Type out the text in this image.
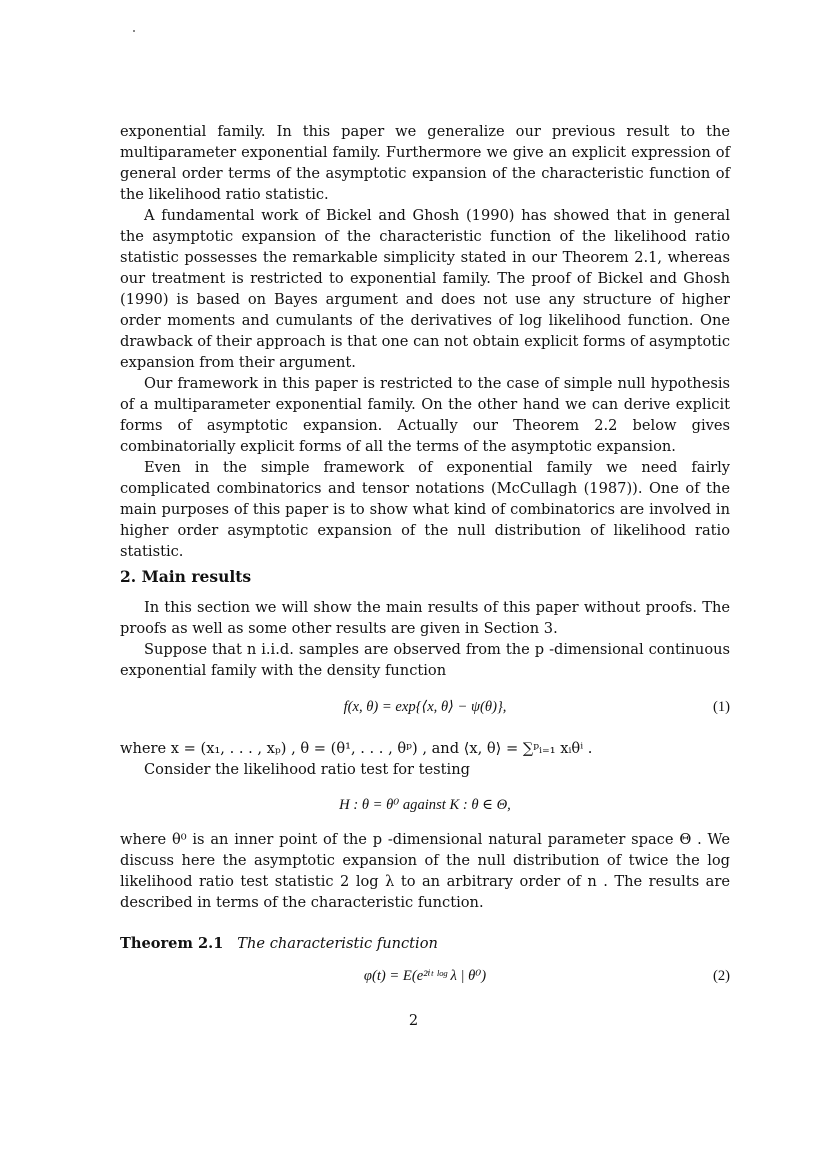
exponential family. In this paper we generalize our previous result to the multiparameter exponential family. Furthermore we give an explicit expression of general order terms of the asymptotic expansion of the characteristic function of the likelihood ratio statistic.

A fundamental work of Bickel and Ghosh (1990) has showed that in general the asymptotic expansion of the characteristic function of the likelihood ratio statistic possesses the remarkable simplicity stated in our Theorem 2.1, whereas our treatment is restricted to exponential family. The proof of Bickel and Ghosh (1990) is based on Bayes argument and does not use any structure of higher order moments and cumulants of the derivatives of log likelihood function. One drawback of their approach is that one can not obtain explicit forms of asymptotic expansion from their argument.

Our framework in this paper is restricted to the case of simple null hypothesis of a multiparameter exponential family. On the other hand we can derive explicit forms of asymptotic expansion. Actually our Theorem 2.2 below gives combinatorially explicit forms of all the terms of the asymptotic expansion.

Even in the simple framework of exponential family we need fairly complicated combinatorics and tensor notations (McCullagh (1987)). One of the main purposes of this paper is to show what kind of combinatorics are involved in higher order asymptotic expansion of the null distribution of likelihood ratio statistic.

2. Main results

In this section we will show the main results of this paper without proofs. The proofs as well as some other results are given in Section 3.

Suppose that n i.i.d. samples are observed from the p -dimensional continuous exponential family with the density function

f(x, θ) = exp{⟨x, θ⟩ − ψ(θ)},	(1)
where x = (x₁, . . . , xₚ) , θ = (θ¹, . . . , θᵖ) , and ⟨x, θ⟩ = ∑ᵖᵢ₌₁ xᵢθⁱ .
Consider the likelihood ratio test for testing
H : θ = θ⁰ against K : θ ∈ Θ,

where θ⁰ is an inner point of the p -dimensional natural parameter space Θ . We discuss here the asymptotic expansion of the null distribution of twice the log likelihood ratio test statistic 2 log λ to an arbitrary order of n . The results are described in terms of the characteristic function.

Theorem 2.1 The characteristic function
φ(t) = E(e²ⁱᵗ ˡᵒᵍ λ | θ⁰)	(2)
2
